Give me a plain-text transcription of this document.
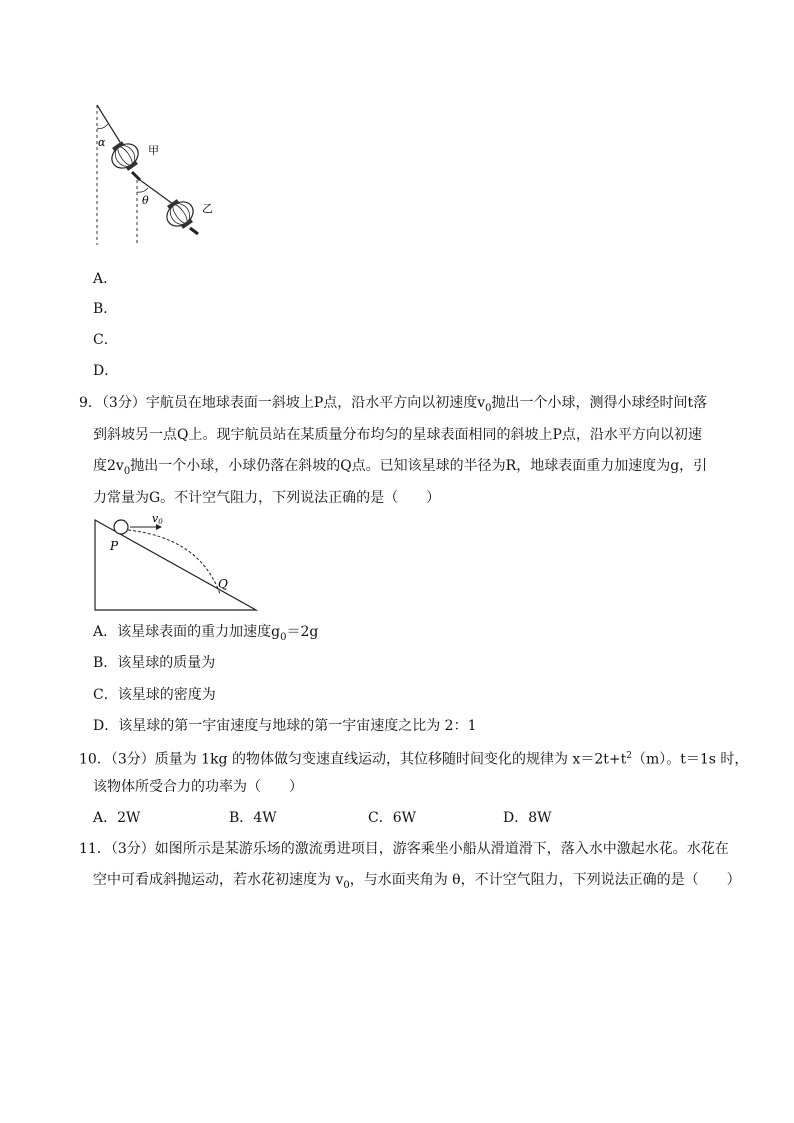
α
甲
θ
乙
A．
B．
C．
D．
9．（3分）宇航员在地球表面一斜坡上P点，沿水平方向以初速度$v_0$抛出一个小球，测得小球经时间t落
到斜坡另一点Q上。现宇航员站在某质量分布均匀的星球表面相同的斜坡上P点，沿水平方向以初速
度$2v_0$抛出一个小球，小球仍落在斜坡的Q点。已知该星球的半径为R，地球表面重力加速度为g，引
力常量为G。不计空气阻力，下列说法正确的是（　　）
v0
P
Q
A．该星球表面的重力加速度$g_0=2g$
B．该星球的质量为
C．该星球的密度为
D．该星球的第一宇宙速度与地球的第一宇宙速度之比为 2：1
10．（3分）质量为 1kg 的物体做匀变速直线运动，其位移随时间变化的规律为 $x=2t+t^2(m)$。t＝1s 时，
该物体所受合力的功率为（　　）
A．2W	B．4W	C．6W	D．8W
11．（3分）如图所示是某游乐场的激流勇进项目，游客乘坐小船从滑道滑下，落入水中激起水花。水花在
空中可看成斜抛运动，若水花初速度为 $v_0$，与水面夹角为 θ，不计空气阻力，下列说法正确的是（　　）
